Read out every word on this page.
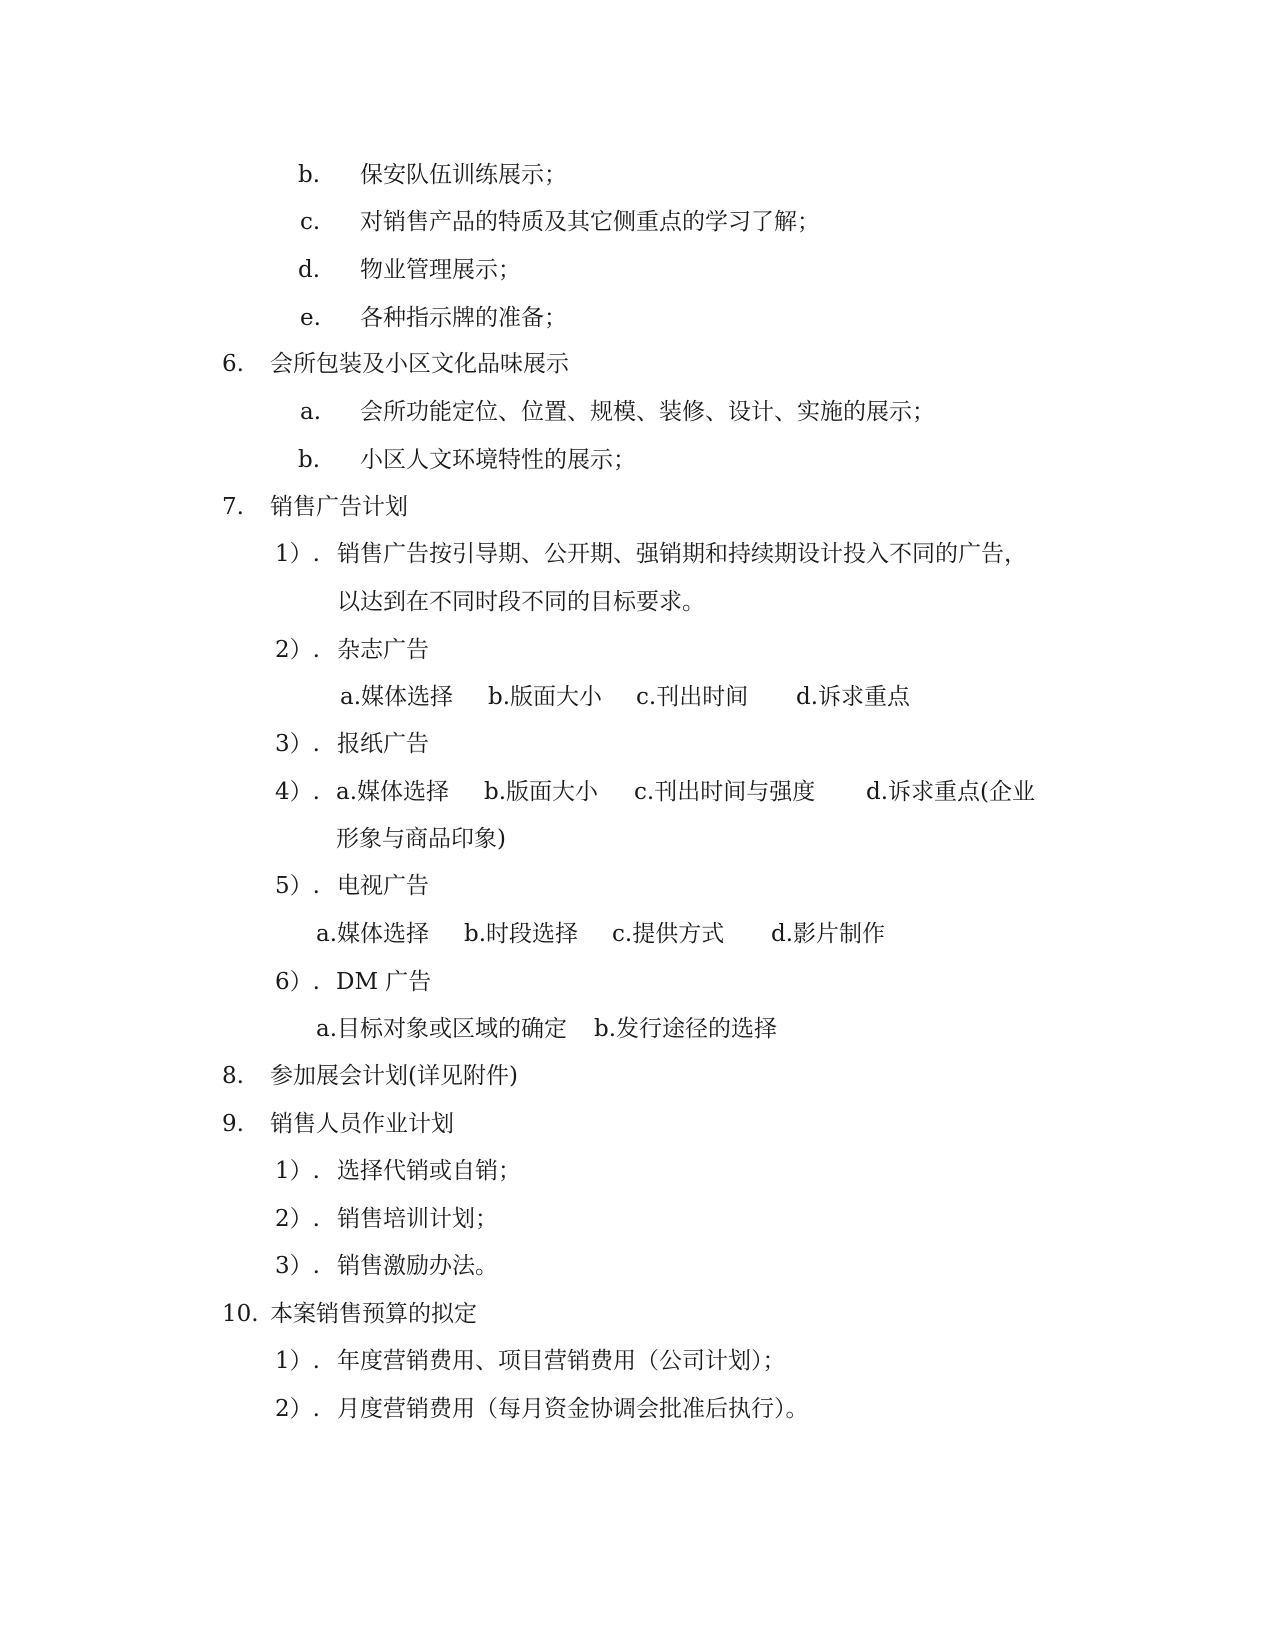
b. 保安队伍训练展示；
c. 对销售产品的特质及其它侧重点的学习了解；
d. 物业管理展示；
e. 各种指示牌的准备；
6. 会所包装及小区文化品味展示
a. 会所功能定位、位置、规模、装修、设计、实施的展示；
b. 小区人文环境特性的展示；
7. 销售广告计划
1）. 销售广告按引导期、公开期、强销期和持续期设计投入不同的广告，
以达到在不同时段不同的目标要求。
2）. 杂志广告
a.媒体选择 b.版面大小 c.刊出时间 d.诉求重点
3）. 报纸广告
4）. a.媒体选择 b.版面大小 c.刊出时间与强度 d.诉求重点(企业
形象与商品印象)
5）. 电视广告
a.媒体选择 b.时段选择 c.提供方式 d.影片制作
6）. DM 广告
a.目标对象或区域的确定 b.发行途径的选择
8. 参加展会计划(详见附件)
9. 销售人员作业计划
1）. 选择代销或自销；
2）. 销售培训计划；
3）. 销售激励办法。
10. 本案销售预算的拟定
1）. 年度营销费用、项目营销费用（公司计划）；
2）. 月度营销费用（每月资金协调会批准后执行）。
